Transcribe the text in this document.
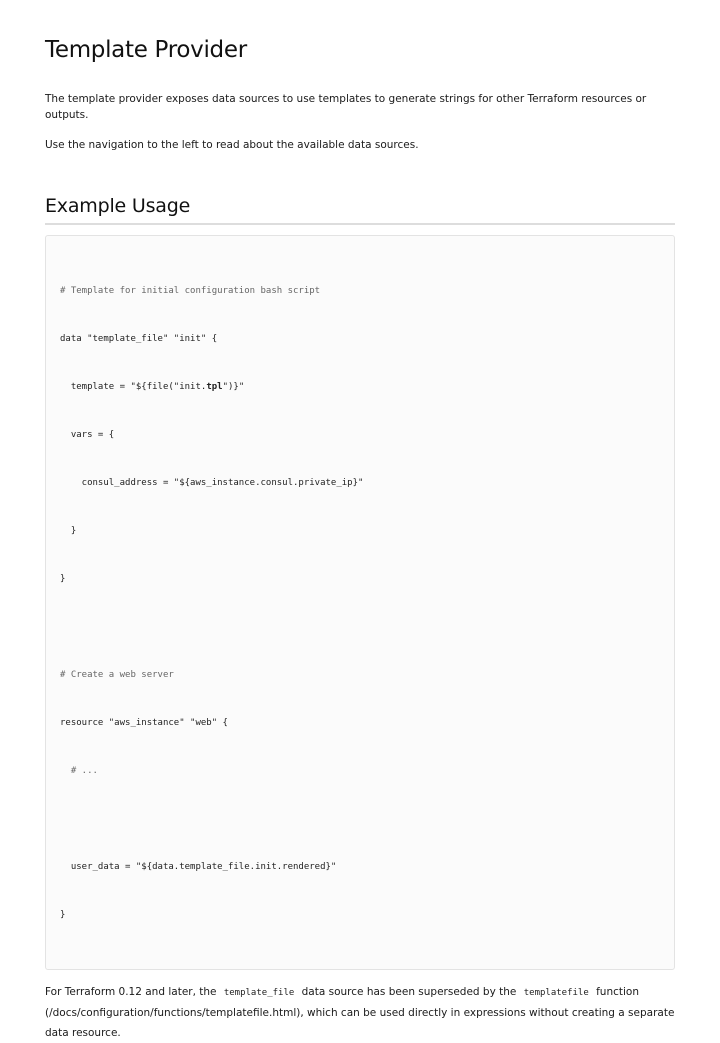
Template Provider

The template provider exposes data sources to use templates to generate strings for other Terraform resources or outputs.

Use the navigation to the left to read about the available data sources.

Example Usage

# Template for initial configuration bash script

data "template_file" "init" {

template = "${file("init.tpl")}"

vars = {

consul_address = "${aws_instance.consul.private_ip}"

}

}

# Create a web server

resource "aws_instance" "web" {

# ...

user_data = "${data.template_file.init.rendered}"

}

For Terraform 0.12 and later, the template_file data source has been superseded by the templatefile function (/docs/configuration/functions/templatefile.html), which can be used directly in expressions without creating a separate data resource.
